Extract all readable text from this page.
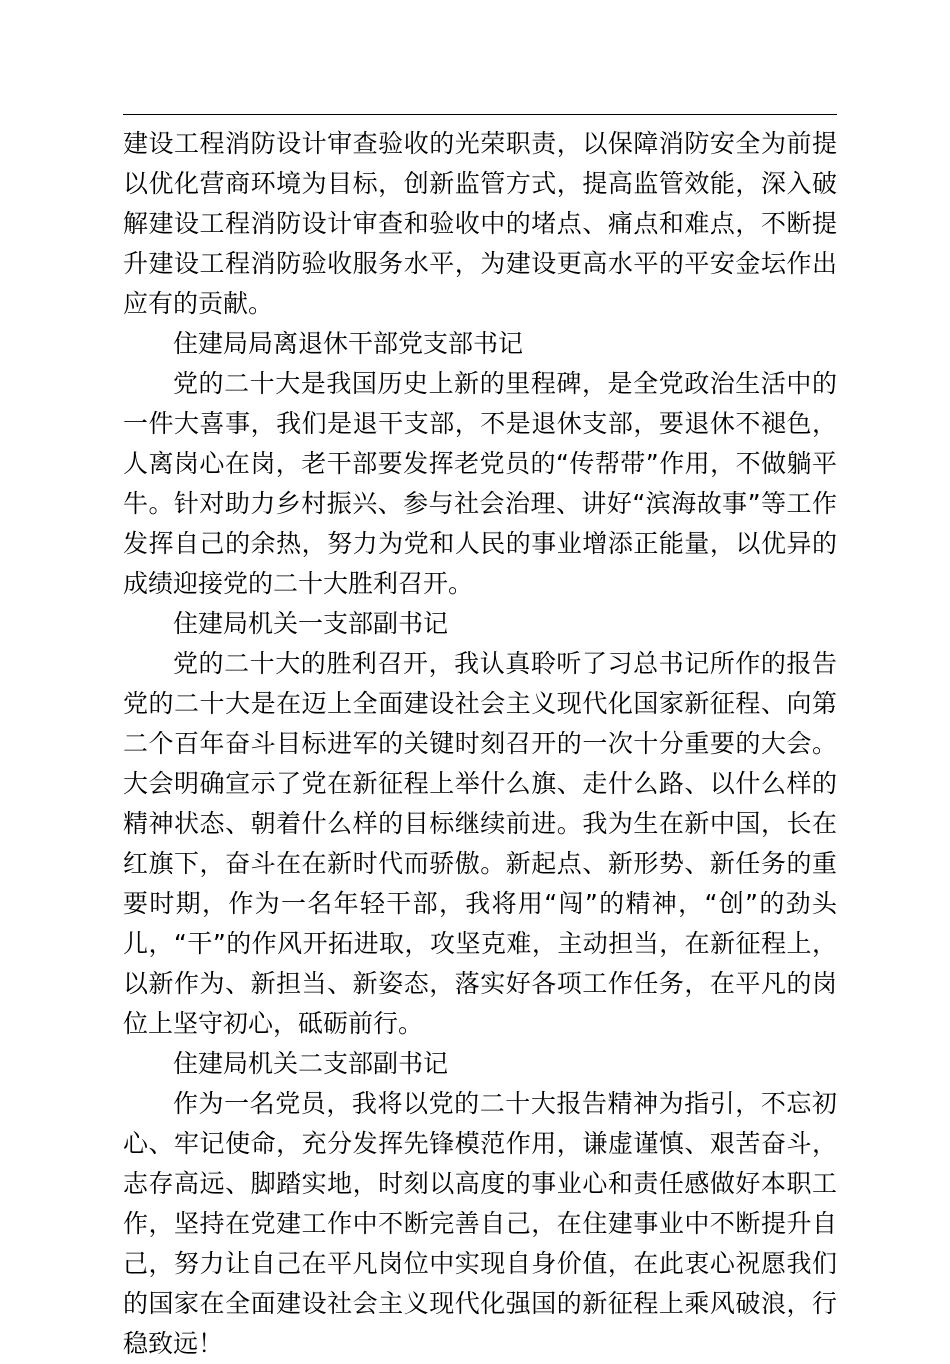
建设工程消防设计审查验收的光荣职责，以保障消防安全为前提
以优化营商环境为目标，创新监管方式，提高监管效能，深入破
解建设工程消防设计审查和验收中的堵点、痛点和难点，不断提
升建设工程消防验收服务水平，为建设更高水平的平安金坛作出
应有的贡献。
住建局局离退休干部党支部书记
党的二十大是我国历史上新的里程碑，是全党政治生活中的
一件大喜事，我们是退干支部，不是退休支部，要退休不褪色，
人离岗心在岗，老干部要发挥老党员的“传帮带”作用，不做躺平
牛。针对助力乡村振兴、参与社会治理、讲好“滨海故事”等工作
发挥自己的余热，努力为党和人民的事业增添正能量，以优异的
成绩迎接党的二十大胜利召开。
住建局机关一支部副书记
党的二十大的胜利召开，我认真聆听了习总书记所作的报告
党的二十大是在迈上全面建设社会主义现代化国家新征程、向第
二个百年奋斗目标进军的关键时刻召开的一次十分重要的大会。
大会明确宣示了党在新征程上举什么旗、走什么路、以什么样的
精神状态、朝着什么样的目标继续前进。我为生在新中国，长在
红旗下，奋斗在在新时代而骄傲。新起点、新形势、新任务的重
要时期，作为一名年轻干部，我将用“闯”的精神，“创”的劲头
儿，“干”的作风开拓进取，攻坚克难，主动担当，在新征程上，
以新作为、新担当、新姿态，落实好各项工作任务，在平凡的岗
位上坚守初心，砥砺前行。
住建局机关二支部副书记
作为一名党员，我将以党的二十大报告精神为指引，不忘初
心、牢记使命，充分发挥先锋模范作用，谦虚谨慎、艰苦奋斗，
志存高远、脚踏实地，时刻以高度的事业心和责任感做好本职工
作，坚持在党建工作中不断完善自己，在住建事业中不断提升自
己，努力让自己在平凡岗位中实现自身价值，在此衷心祝愿我们
的国家在全面建设社会主义现代化强国的新征程上乘风破浪，行
稳致远！
